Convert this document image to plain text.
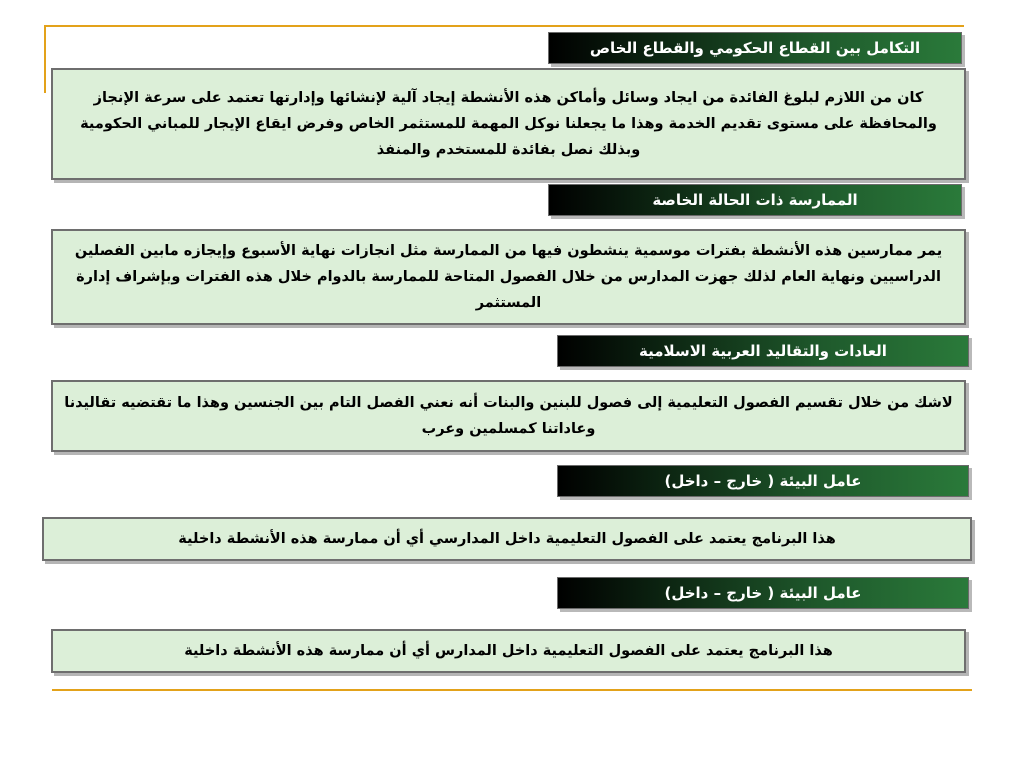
التكامل بين القطاع الحكومي والقطاع الخاص
كان من اللازم لبلوغ الفائدة من ايجاد وسائل وأماكن هذه الأنشطة إيجاد آلية لإنشائها وإدارتها تعتمد على سرعة الإنجاز والمحافظة على مستوى تقديم الخدمة وهذا ما يجعلنا نوكل المهمة للمستثمر الخاص وفرض ايقاع الإيجار للمباني الحكومية وبذلك نصل بفائدة للمستخدم والمنفذ
الممارسة ذات الحالة الخاصة
يمر ممارسين هذه الأنشطة بفترات موسمية ينشطون فيها من الممارسة مثل انجازات نهاية الأسبوع وإيجازه مابين الفصلين الدراسيين ونهاية العام لذلك جهزت المدارس من خلال الفصول المتاحة للممارسة بالدوام خلال هذه الفترات وبإشراف إدارة المستثمر
العادات والتقاليد العربية الاسلامية
لاشك من خلال تقسيم الفصول التعليمية إلى فصول للبنين والبنات أنه نعني الفصل التام بين الجنسين وهذا ما تقتضيه تقاليدنا وعاداتنا كمسلمين وعرب
عامل البيئة ( خارج – داخل)
هذا البرنامج يعتمد على الفصول التعليمية داخل المدارسي أي أن ممارسة هذه الأنشطة داخلية
عامل البيئة ( خارج – داخل)
هذا البرنامج يعتمد على الفصول التعليمية داخل المدارس أي أن ممارسة هذه الأنشطة داخلية
